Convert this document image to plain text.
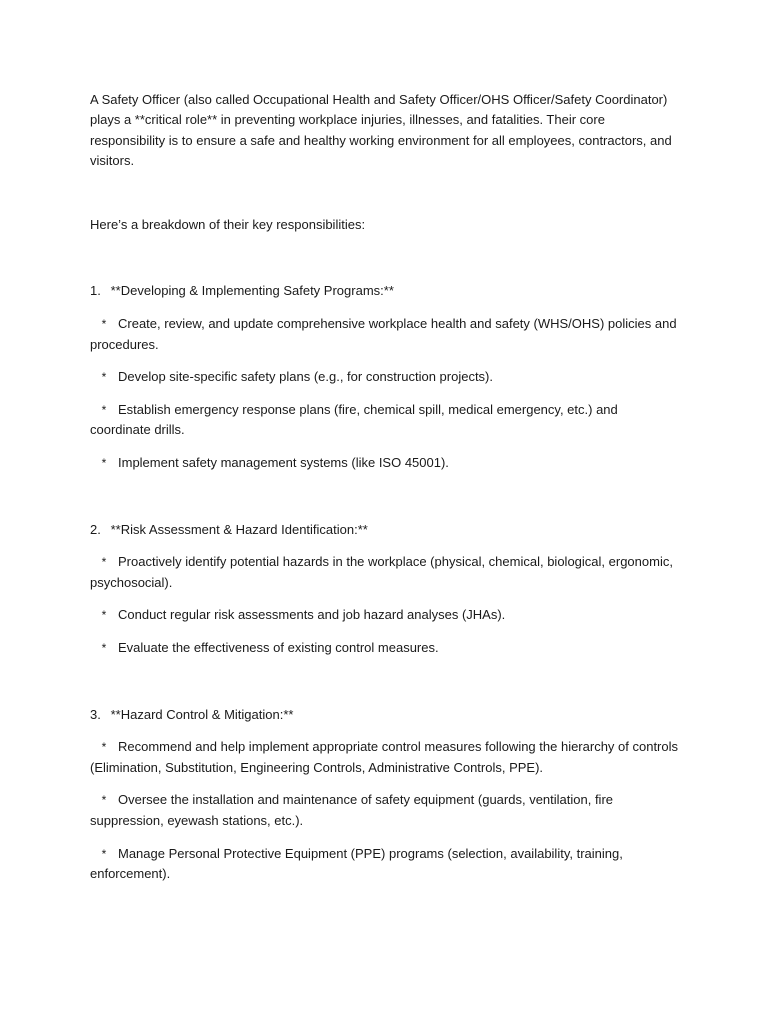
A Safety Officer (also called Occupational Health and Safety Officer/OHS Officer/Safety Coordinator) plays a **critical role** in preventing workplace injuries, illnesses, and fatalities. Their core responsibility is to ensure a safe and healthy working environment for all employees, contractors, and visitors.

Here’s a breakdown of their key responsibilities:

1. **Developing & Implementing Safety Programs:**

* Create, review, and update comprehensive workplace health and safety (WHS/OHS) policies and procedures.

* Develop site-specific safety plans (e.g., for construction projects).

* Establish emergency response plans (fire, chemical spill, medical emergency, etc.) and coordinate drills.

* Implement safety management systems (like ISO 45001).

2. **Risk Assessment & Hazard Identification:**

* Proactively identify potential hazards in the workplace (physical, chemical, biological, ergonomic, psychosocial).

* Conduct regular risk assessments and job hazard analyses (JHAs).

* Evaluate the effectiveness of existing control measures.

3. **Hazard Control & Mitigation:**

* Recommend and help implement appropriate control measures following the hierarchy of controls (Elimination, Substitution, Engineering Controls, Administrative Controls, PPE).

* Oversee the installation and maintenance of safety equipment (guards, ventilation, fire suppression, eyewash stations, etc.).

* Manage Personal Protective Equipment (PPE) programs (selection, availability, training, enforcement).
